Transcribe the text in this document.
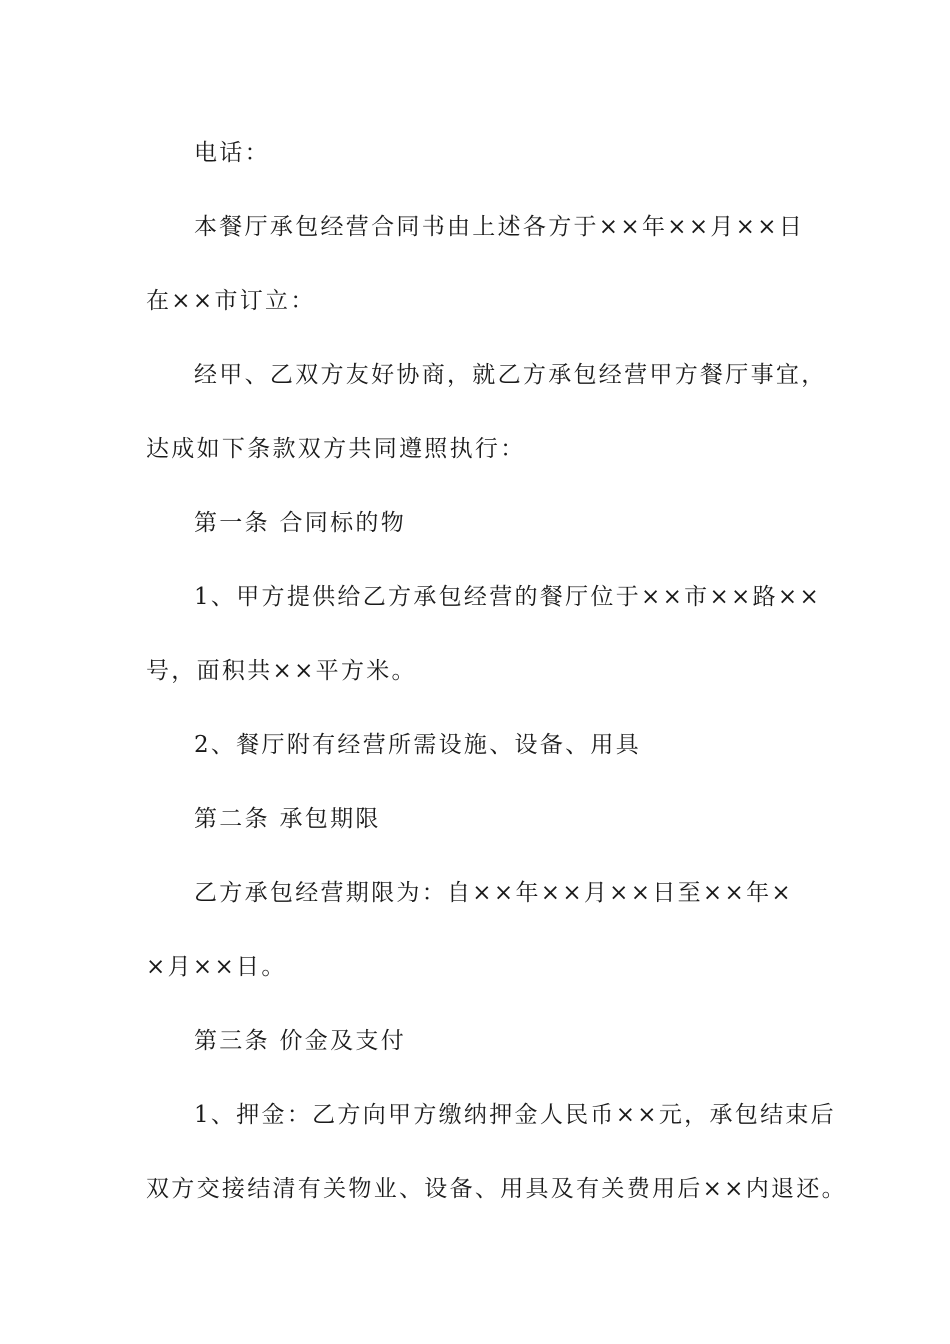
电话：
本餐厅承包经营合同书由上述各方于××年××月××日
在××市订立：
经甲、乙双方友好协商，就乙方承包经营甲方餐厅事宜，
达成如下条款双方共同遵照执行：
第一条 合同标的物
1、甲方提供给乙方承包经营的餐厅位于××市××路××
号，面积共××平方米。
2、餐厅附有经营所需设施、设备、用具
第二条 承包期限
乙方承包经营期限为：自××年××月××日至××年×
×月××日。
第三条 价金及支付
1、押金：乙方向甲方缴纳押金人民币××元，承包结束后
双方交接结清有关物业、设备、用具及有关费用后××内退还。
